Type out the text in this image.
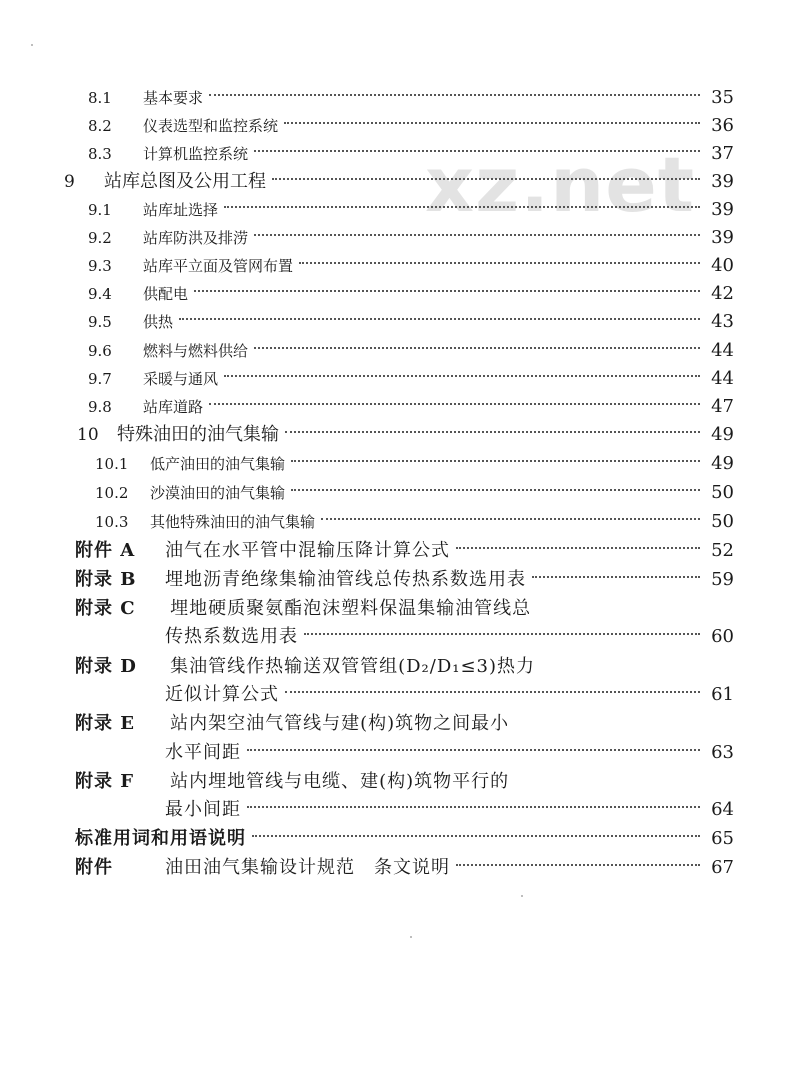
xz.net
8.1	基本要求	35
8.2	仪表选型和监控系统	36
8.3	计算机监控系统	37
9	站库总图及公用工程	39
9.1	站库址选择	39
9.2	站库防洪及排涝	39
9.3	站库平立面及管网布置	40
9.4	供配电	42
9.5	供热	43
9.6	燃料与燃料供给	44
9.7	采暖与通风	44
9.8	站库道路	47
10	特殊油田的油气集输	49
10.1	低产油田的油气集输	49
10.2	沙漠油田的油气集输	50
10.3	其他特殊油田的油气集输	50
附件 A	油气在水平管中混输压降计算公式	52
附录 B	埋地沥青绝缘集输油管线总传热系数选用表	59
附录 C 埋地硬质聚氨酯泡沫塑料保温集输油管线总
传热系数选用表	60
附录 D 集油管线作热输送双管管组(D₂/D₁≤3)热力
近似计算公式	61
附录 E 站内架空油气管线与建(构)筑物之间最小
水平间距	63
附录 F 站内埋地管线与电缆、建(构)筑物平行的
最小间距	64
标准用词和用语说明	65
附件	油田油气集输设计规范　条文说明	67
